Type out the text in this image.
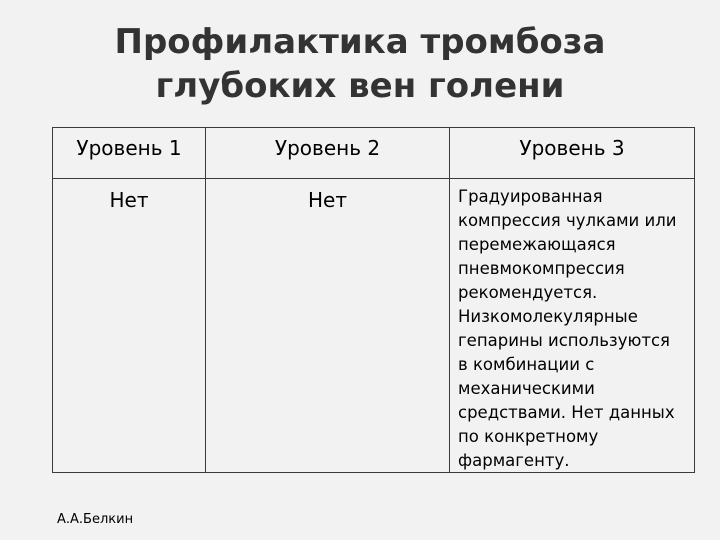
Профилактика тромбоза
глубоких вен голени
Уровень 1	Уровень 2	Уровень 3
Нет	Нет	Градуированная
компрессия чулками или
перемежающаяся
пневмокомпрессия
рекомендуется.
Низкомолекулярные
гепарины используются
в комбинации с
механическими
средствами. Нет данных
по конкретному
фармагенту.
А.А.Белкин
